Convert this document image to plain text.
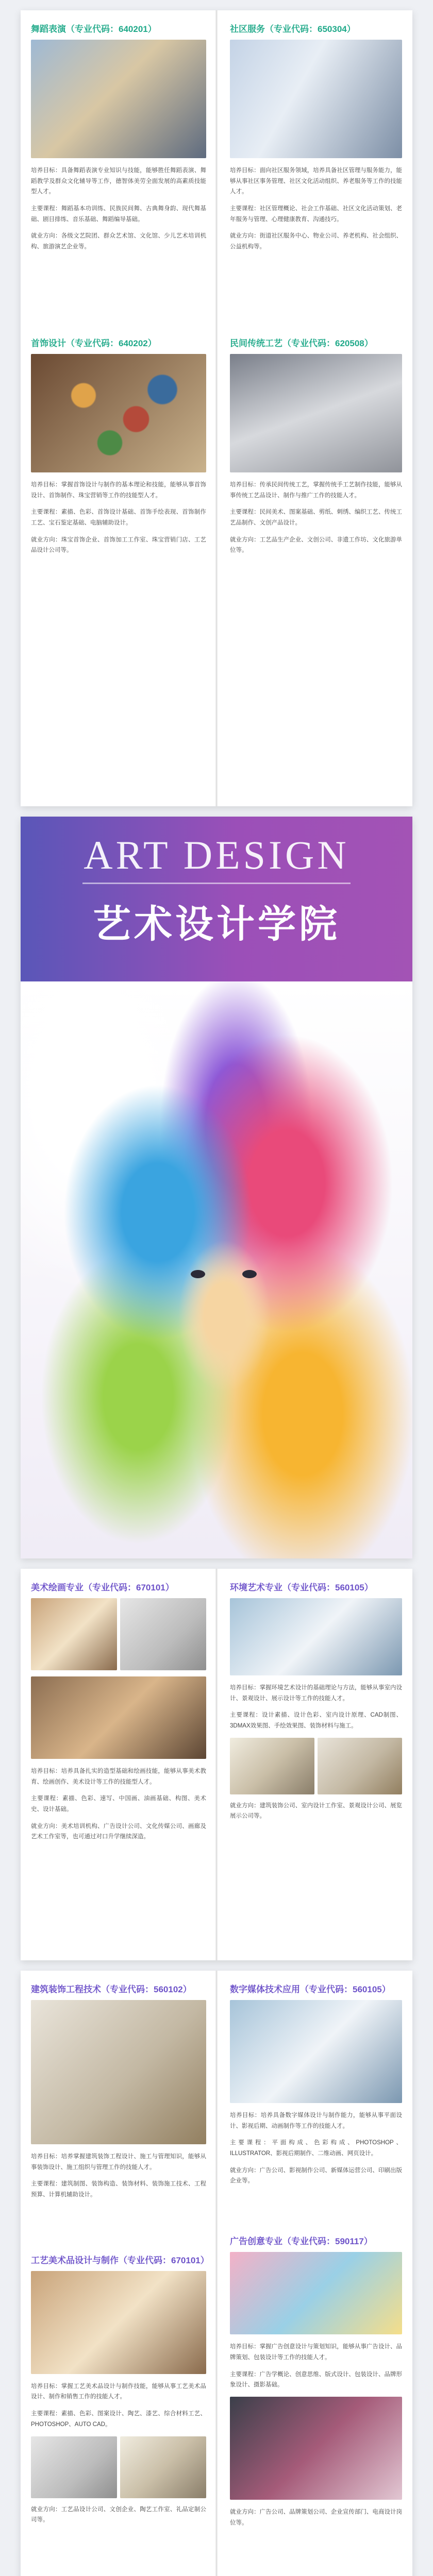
舞蹈表演（专业代码：640201）

培养目标：具备舞蹈表演专业知识与技能，能够胜任舞蹈表演、舞蹈教学及群众文化辅导等工作，德智体美劳全面发展的高素质技能型人才。

主要课程：舞蹈基本功训练、民族民间舞、古典舞身韵、现代舞基础、剧目排练、音乐基础、舞蹈编导基础。

就业方向：各级文艺院团、群众艺术馆、文化馆、少儿艺术培训机构、旅游演艺企业等。

首饰设计（专业代码：640202）

培养目标：掌握首饰设计与制作的基本理论和技能，能够从事首饰设计、首饰制作、珠宝营销等工作的技能型人才。

主要课程：素描、色彩、首饰设计基础、首饰手绘表现、首饰制作工艺、宝石鉴定基础、电脑辅助设计。

就业方向：珠宝首饰企业、首饰加工工作室、珠宝营销门店、工艺品设计公司等。

社区服务（专业代码：650304）

培养目标：面向社区服务领域，培养具备社区管理与服务能力，能够从事社区事务管理、社区文化活动组织、养老服务等工作的技能人才。

主要课程：社区管理概论、社会工作基础、社区文化活动策划、老年服务与管理、心理健康教育、沟通技巧。

就业方向：街道社区服务中心、物业公司、养老机构、社会组织、公益机构等。

民间传统工艺（专业代码：620508）

培养目标：传承民间传统工艺，掌握传统手工艺制作技能，能够从事传统工艺品设计、制作与推广工作的技能人才。

主要课程：民间美术、图案基础、剪纸、刺绣、编织工艺、传统工艺品制作、文创产品设计。

就业方向：工艺品生产企业、文创公司、非遗工作坊、文化旅游单位等。

ART DESIGN
艺术设计学院
美术绘画专业（专业代码：670101）

培养目标：培养具备扎实的造型基础和绘画技能，能够从事美术教育、绘画创作、美术设计等工作的技能型人才。

主要课程：素描、色彩、速写、中国画、油画基础、构图、美术史、设计基础。

就业方向：美术培训机构、广告设计公司、文化传媒公司、画廊及艺术工作室等，也可通过对口升学继续深造。

环境艺术专业（专业代码：560105）

培养目标：掌握环境艺术设计的基础理论与方法，能够从事室内设计、景观设计、展示设计等工作的技能人才。

主要课程：设计素描、设计色彩、室内设计原理、CAD制图、3DMAX效果图、手绘效果图、装饰材料与施工。

就业方向：建筑装饰公司、室内设计工作室、景观设计公司、展览展示公司等。

建筑装饰工程技术（专业代码：560102）

培养目标：培养掌握建筑装饰工程设计、施工与管理知识，能够从事装饰设计、施工组织与管理工作的技能人才。

主要课程：建筑制图、装饰构造、装饰材料、装饰施工技术、工程预算、计算机辅助设计。

工艺美术品设计与制作（专业代码：670101）

培养目标：掌握工艺美术品设计与制作技能，能够从事工艺美术品设计、制作和销售工作的技能人才。

主要课程：素描、色彩、图案设计、陶艺、漆艺、综合材料工艺、PHOTOSHOP、AUTO CAD。

就业方向：工艺品设计公司、文创企业、陶艺工作室、礼品定制公司等。

数字媒体技术应用（专业代码：560105）

培养目标：培养具备数字媒体设计与制作能力，能够从事平面设计、影视后期、动画制作等工作的技能人才。

主要课程：平面构成、色彩构成、PHOTOSHOP、ILLUSTRATOR、影视后期制作、二维动画、网页设计。

就业方向：广告公司、影视制作公司、新媒体运营公司、印刷出版企业等。

广告创意专业（专业代码：590117）

培养目标：掌握广告创意设计与策划知识，能够从事广告设计、品牌策划、包装设计等工作的技能人才。

主要课程：广告学概论、创意思维、版式设计、包装设计、品牌形象设计、摄影基础。

就业方向：广告公司、品牌策划公司、企业宣传部门、电商设计岗位等。
